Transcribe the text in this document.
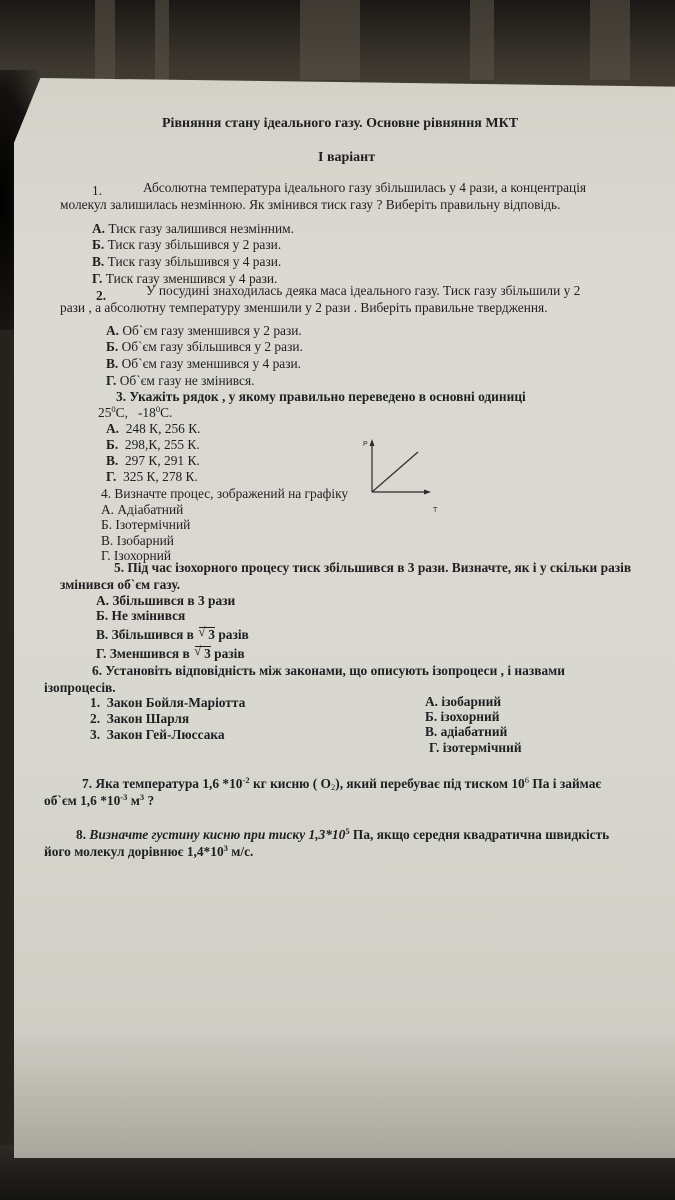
Рівняння стану ідеального газу. Основне рівняння МКТ
І варіант
1.	Абсолютна температура ідеального газу збільшилась у 4 рази, а концентрація
молекул залишилась незмінною. Як змінився тиск газу ? Виберіть правильну відповідь.
А. Тиск газу залишився незмінним.
Б. Тиск газу збільшився у 2 рази.
В. Тиск газу збільшився у 4 рази.
Г. Тиск газу зменшився у 4 рази.
2.	У посудині знаходилась деяка маса ідеального газу. Тиск газу збільшили у 2
рази , а абсолютну температуру зменшили у 2 рази . Виберіть правильне твердження.
А. Об`єм газу зменшився у 2 рази.
Б. Об`єм газу збільшився у 2 рази.
В. Об`єм газу зменшився у 4 рази.
Г. Об`єм газу не змінився.
3. Укажіть рядок , у якому правильно переведено в основні одиниці
$25^0C$, $-18^0C$.
А. 248 К, 256 К.
Б. 298,К, 255 К.
В. 297 К, 291 К.
Г. 325 К, 278 К.
4. Визначте процес, зображений на графіку
А. Адіабатний
Б. Ізотермічний
В. Ізобарний
Г. Ізохорний
P
T
5. Під час ізохорного процесу тиск збільшився в 3 рази. Визначте, як і у скільки разів
змінився об`єм газу.
А. Збільшився в 3 рази
Б. Не змінився
В. Збільшився в √ 3 разів
Г. Зменшився в √ 3 разів
6. Установіть відповідність між законами, що описують ізопроцеси , і назвами
ізопроцесів.
1. Закон Бойля-Маріотта
2. Закон Шарля
3. Закон Гей-Люссака
А. ізобарний
Б. ізохорний
В. адіабатний
Г. ізотермічний
7. Яка температура 1,6 $*10^{-2}$ кг кисню ( $O_2$), який перебуває під тиском $10^6$ Па і займає
об`єм 1,6 $*10^{-3}$ $м^3$ ?
8. Визначте густину кисню при тиску $1,3*10^5$ Па, якщо середня квадратична швидкість
його молекул дорівнює $1,4*10^3$ м/с.
